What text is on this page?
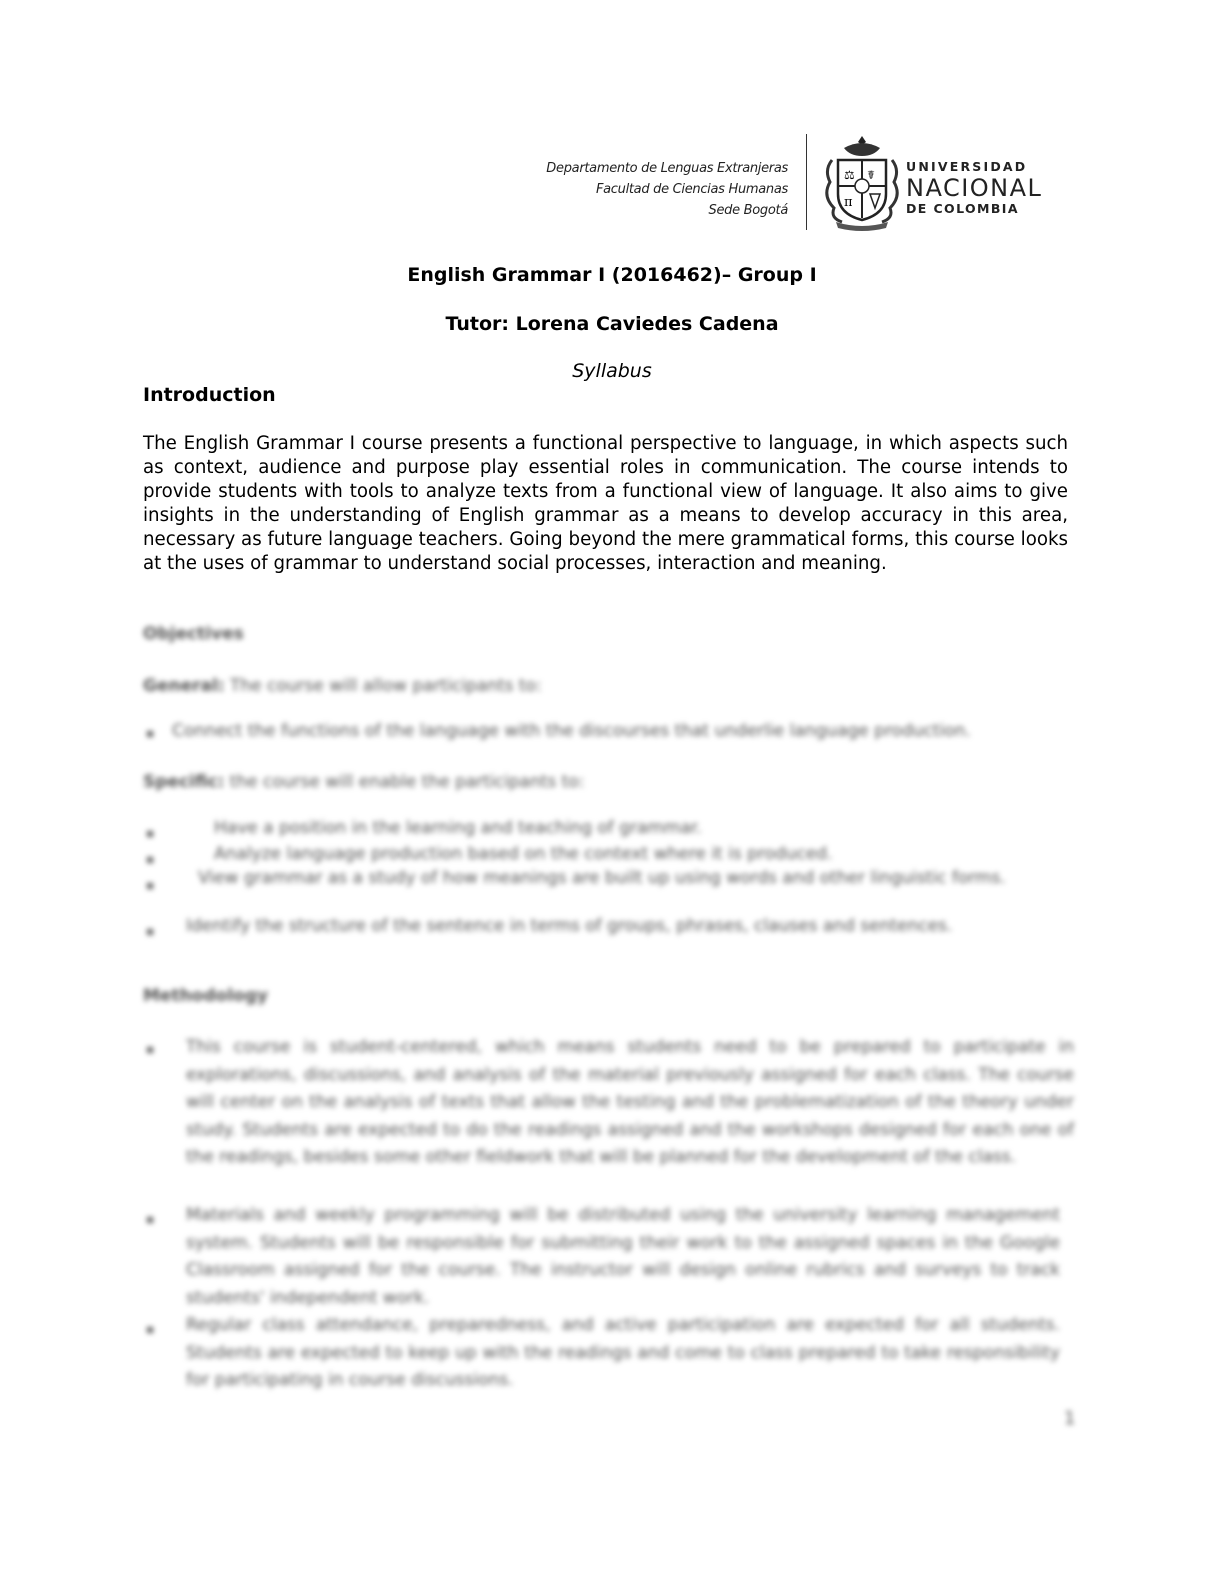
Departamento de Lenguas Extranjeras
Facultad de Ciencias Humanas
Sede Bogotá
⚖ ☤
π
UNIVERSIDAD
NACIONAL
DE COLOMBIA
English Grammar I (2016462)– Group I
Tutor: Lorena Caviedes Cadena
Syllabus
Introduction
The English Grammar I course presents a functional perspective to language, in which aspects such as context, audience and purpose play essential roles in communication. The course intends to provide students with tools to analyze texts from a functional view of language. It also aims to give insights in the understanding of English grammar as a means to develop accuracy in this area, necessary as future language teachers. Going beyond the mere grammatical forms, this course looks at the uses of grammar to understand social processes, interaction and meaning.
Objectives
General: The course will allow participants to:
▪ Connect the functions of the language with the discourses that underlie language production.
Specific: the course will enable the participants to:
▪	Have a position in the learning and teaching of grammar.
▪	Analyze language production based on the context where it is produced.
▪	View grammar as a study of how meanings are built up using words and other linguistic forms.
▪ Identify the structure of the sentence in terms of groups, phrases, clauses and sentences.
Methodology
▪ This course is student-centered, which means students need to be prepared to participate in explorations, discussions, and analysis of the material previously assigned for each class. The course will center on the analysis of texts that allow the testing and the problematization of the theory under study. Students are expected to do the readings assigned and the workshops designed for each one of the readings, besides some other fieldwork that will be planned for the development of the class.
▪ Materials and weekly programming will be distributed using the university learning management system. Students will be responsible for submitting their work to the assigned spaces in the Google Classroom assigned for the course. The instructor will design online rubrics and surveys to track students' independent work.
▪ Regular class attendance, preparedness, and active participation are expected for all students. Students are expected to keep up with the readings and come to class prepared to take responsibility for participating in course discussions.
1
